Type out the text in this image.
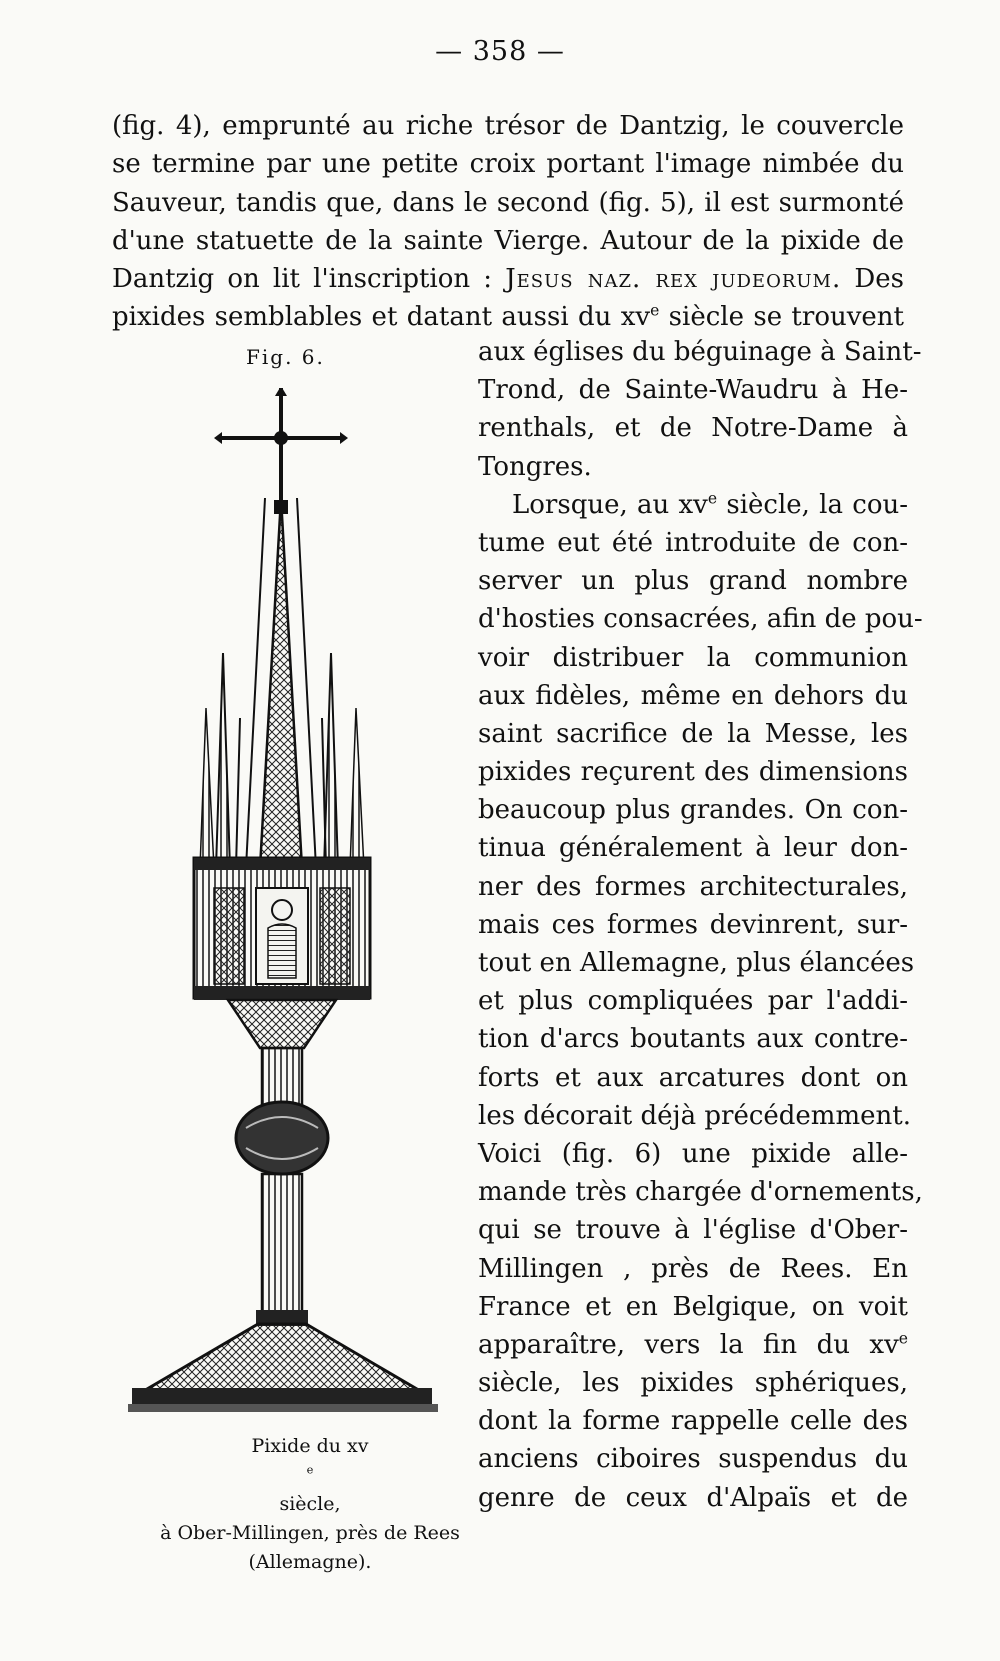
— 358 —
(fig. 4), emprunté au riche trésor de Dantzig, le couvercle
se termine par une petite croix portant l'image nimbée du
Sauveur, tandis que, dans le second (fig. 5), il est surmonté
d'une statuette de la sainte Vierge. Autour de la pixide de
Dantzig on lit l'inscription : Jesus naz. rex judeorum. Des
pixides semblables et datant aussi du $xv^e$ siècle se trouvent
Fig. 6.	aux églises du béguinage à Saint-
Trond, de Sainte-Waudru à He-
renthals, et de Notre-Dame à
Tongres.
Lorsque, au $xv^e$ siècle, la cou-
tume eut été introduite de con-
server un plus grand nombre
d'hosties consacrées, afin de pou-
voir distribuer la communion
aux fidèles, même en dehors du
saint sacrifice de la Messe, les
pixides reçurent des dimensions
beaucoup plus grandes. On con-
tinua généralement à leur don-
ner des formes architecturales,
mais ces formes devinrent, sur-
tout en Allemagne, plus élancées
et plus compliquées par l'addi-
tion d'arcs boutants aux contre-
forts et aux arcatures dont on
les décorait déjà précédemment.
Voici (fig. 6) une pixide alle-
mande très chargée d'ornements,
qui se trouve à l'église d'Ober-
Millingen , près de Rees. En
France et en Belgique, on voit
apparaître, vers la fin du $xv^e$
siècle, les pixides sphériques,
dont la forme rappelle celle des
anciens ciboires suspendus du
genre de ceux d'Alpaïs et de
Pixide du xv
$^e$
siècle,
à Ober-Millingen, près de Rees
(Allemagne).
